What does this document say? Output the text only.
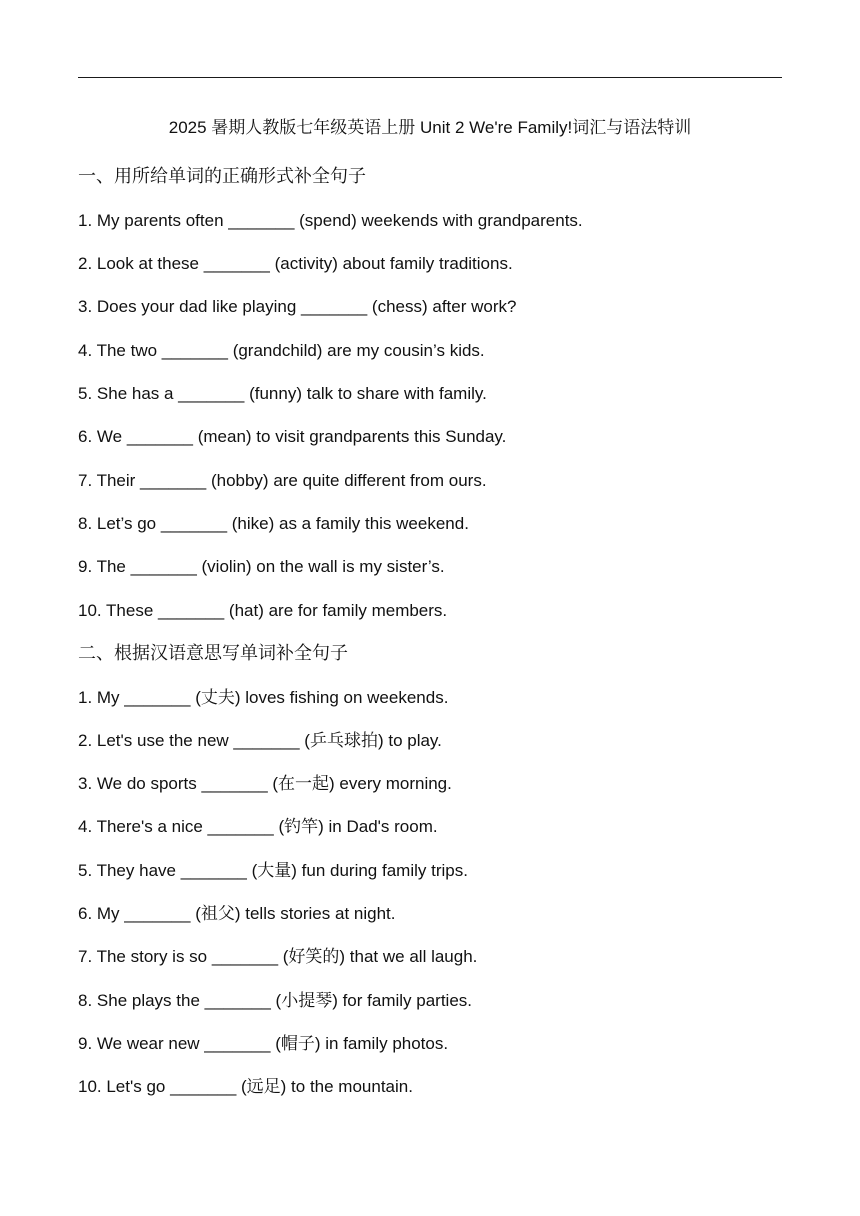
2025 暑期人教版七年级英语上册 Unit 2 We're Family!词汇与语法特训
一、用所给单词的正确形式补全句子
1. My parents often _______ (spend) weekends with grandparents.
2. Look at these _______ (activity) about family traditions.
3. Does your dad like playing _______ (chess) after work?
4. The two _______ (grandchild) are my cousin’s kids.
5. She has a _______ (funny) talk to share with family.
6. We _______ (mean) to visit grandparents this Sunday.
7. Their _______ (hobby) are quite different from ours.
8. Let’s go _______ (hike) as a family this weekend.
9. The _______ (violin) on the wall is my sister’s.
10. These _______ (hat) are for family members.
二、根据汉语意思写单词补全句子
1. My _______ (丈夫) loves fishing on weekends.
2. Let's use the new _______ (乒乓球拍) to play.
3. We do sports _______ (在一起) every morning.
4. There's a nice _______ (钓竿) in Dad's room.
5. They have _______ (大量) fun during family trips.
6. My _______ (祖父) tells stories at night.
7. The story is so _______ (好笑的) that we all laugh.
8. She plays the _______ (小提琴) for family parties.
9. We wear new _______ (帽子) in family photos.
10. Let's go _______ (远足) to the mountain.
